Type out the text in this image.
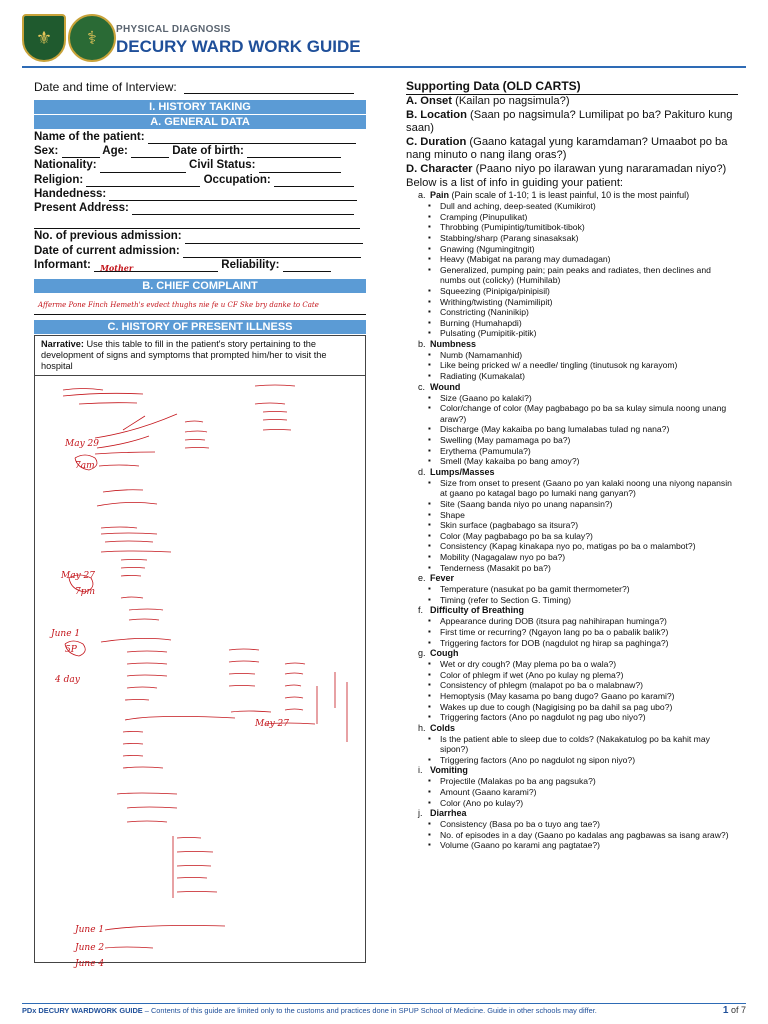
⚜ ⚕ PHYSICAL DIAGNOSIS
DECURY WARD WORK GUIDE
Date and time of Interview:
I. HISTORY TAKING
A. GENERAL DATA
Name of the patient:
Sex:	Age:	Date of birth:
Nationality:	Civil Status:
Religion:	Occupation:
Handedness:
Present Address:
No. of previous admission:
Date of current admission:
Informant: Mother	Reliability:
B. CHIEF COMPLAINT
Afferme Pone Finch Hemeth's evdect thughs nie fe u CF Ske bry danke to Cate
C. HISTORY OF PRESENT ILLNESS
Narrative: Use this table to fill in the patient's story pertaining to the development of signs and symptoms that prompted him/her to visit the hospital
May 29
7am
May 27
7pm
June 1
5P
4 day
June 1
June 2
June 4
May 27
Supporting Data (OLD CARTS)
A. Onset (Kailan po nagsimula?)
B. Location (Saan po nagsimula? Lumilipat po ba? Pakituro kung saan)
C. Duration (Gaano katagal yung karamdaman? Umaabot po ba nang minuto o nang ilang oras?)
D. Character (Paano niyo po ilarawan yung nararamadan niyo?) Below is a list of info in guiding your patient:
a. Pain (Pain scale of 1-10; 1 is least painful, 10 is the most painful)
▪ Dull and aching, deep-seated (Kumikirot)
▪ Cramping (Pinupulikat)
▪ Throbbing (Pumipintig/tumitibok-tibok)
▪ Stabbing/sharp (Parang sinasaksak)
▪ Gnawing (Ngumingitngit)
▪ Heavy (Mabigat na parang may dumadagan)
▪ Generalized, pumping pain; pain peaks and radiates, then declines and numbs out (colicky) (Humihilab)
▪ Squeezing (Pinipiga/pinipisil)
▪ Writhing/twisting (Namimilipit)
▪ Constricting (Naninikip)
▪ Burning (Humahapdi)
▪ Pulsating (Pumipitik-pitik)
b. Numbness
▪ Numb (Namamanhid)
▪ Like being pricked w/ a needle/ tingling (tinutusok ng karayom)
▪ Radiating (Kumakalat)
c. Wound
▪ Size (Gaano po kalaki?)
▪ Color/change of color (May pagbabago po ba sa kulay simula noong unang araw?)
▪ Discharge (May kakaiba po bang lumalabas tulad ng nana?)
▪ Swelling (May pamamaga po ba?)
▪ Erythema (Pamumula?)
▪ Smell (May kakaiba po bang amoy?)
d. Lumps/Masses
▪ Size from onset to present (Gaano po yan kalaki noong una niyong napansin at gaano po katagal bago po lumaki nang ganyan?)
▪ Site (Saang banda niyo po unang napansin?)
▪ Shape
▪ Skin surface (pagbabago sa itsura?)
▪ Color (May pagbabago po ba sa kulay?)
▪ Consistency (Kapag kinakapa nyo po, matigas po ba o malambot?)
▪ Mobility (Nagagalaw nyo po ba?)
▪ Tenderness (Masakit po ba?)
e. Fever
▪ Temperature (nasukat po ba gamit thermometer?)
▪ Timing (refer to Section G. Timing)
f. Difficulty of Breathing
▪ Appearance during DOB (itsura pag nahihirapan huminga?)
▪ First time or recurring? (Ngayon lang po ba o pabalik balik?)
▪ Triggering factors for DOB (nagdulot ng hirap sa paghinga?)
g. Cough
▪ Wet or dry cough? (May plema po ba o wala?)
▪ Color of phlegm if wet (Ano po kulay ng plema?)
▪ Consistency of phlegm (malapot po ba o malabnaw?)
▪ Hemoptysis (May kasama po bang dugo? Gaano po karami?)
▪ Wakes up due to cough (Nagigising po ba dahil sa pag ubo?)
▪ Triggering factors (Ano po nagdulot ng pag ubo niyo?)
h. Colds
▪ Is the patient able to sleep due to colds? (Nakakatulog po ba kahit may sipon?)
▪ Triggering factors (Ano po nagdulot ng sipon niyo?)
i. Vomiting
▪ Projectile (Malakas po ba ang pagsuka?)
▪ Amount (Gaano karami?)
▪ Color (Ano po kulay?)
j. Diarrhea
▪ Consistency (Basa po ba o tuyo ang tae?)
▪ No. of episodes in a day (Gaano po kadalas ang pagbawas sa isang araw?)
▪ Volume (Gaano po karami ang pagtatae?)
PDx DECURY WARDWORK GUIDE – Contents of this guide are limited only to the customs and practices done in SPUP School of Medicine. Guide in other schools may differ.	1 of 7
